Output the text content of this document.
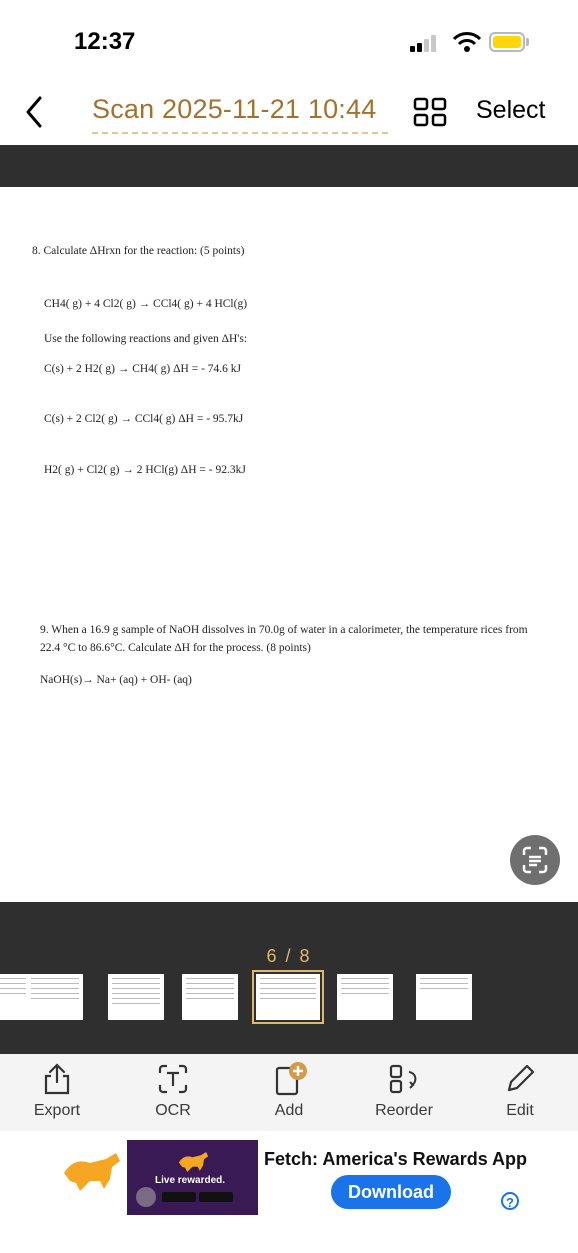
12:37
Scan 2025-11-21 10:44	Select
8. Calculate ΔHrxn for the reaction: (5 points)
CH4( g) + 4 Cl2( g) → CCl4( g) + 4 HCl(g)
Use the following reactions and given ΔH's:
C(s) + 2 H2( g) → CH4( g) ΔH = - 74.6 kJ
C(s) + 2 Cl2( g) → CCl4( g) ΔH = - 95.7kJ
H2( g) + Cl2( g) → 2 HCl(g) ΔH = - 92.3kJ
9. When a 16.9 g sample of NaOH dissolves in 70.0g of water in a calorimeter, the temperature rices from
22.4 °C to 86.6°C. Calculate ΔH for the process. (8 points)
NaOH(s)→ Na+ (aq) + OH- (aq)
6 / 8
Export	OCR	Add	Reorder	Edit
Live rewarded.
Fetch: America's Rewards App
Download
?
